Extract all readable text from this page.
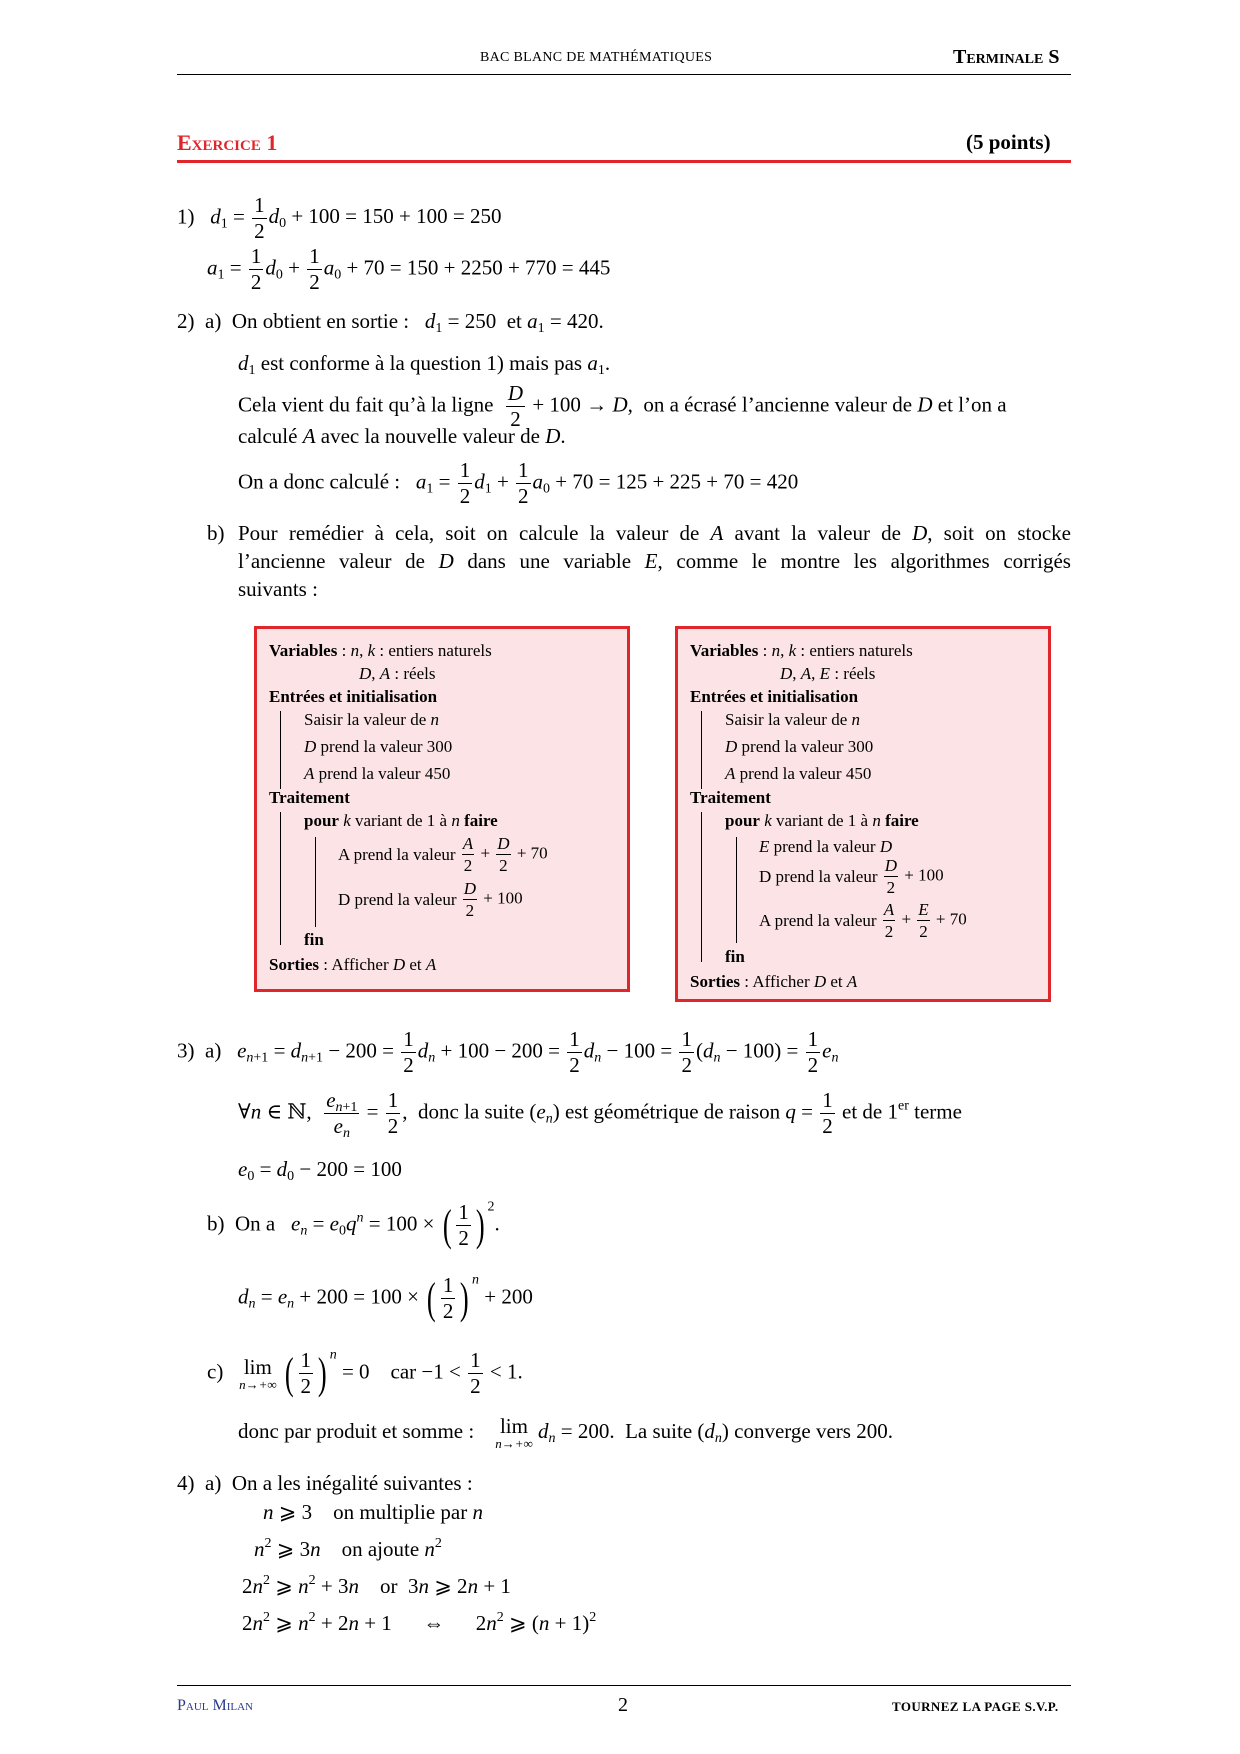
BAC BLANC DE MATHÉMATIQUES	Terminale S
Exercice 1	(5 points)
1) $d_1 = \frac{1}{2} d_0 + 100 = 150 + 100 = 250$
$a_1 = \frac{1}{2} d_0 + \frac{1}{2} a_0 + 70 = 150 + 2250 + 770 = 445$
2) a) On obtient en sortie : $d_1 = 250$  et $a_1 = 420$.
$d_1$ est conforme à la question 1) mais pas $a_1$.
Cela vient du fait qu’à la ligne $\frac{D}{2} + 100 \to D$,  on a écrasé l’ancienne valeur de D et l’on a
calculé A avec la nouvelle valeur de D.
On a donc calculé : $a_1 = \frac{1}{2} d_1 + \frac{1}{2} a_0 + 70 = 125 + 225 + 70 = 420$
b) Pour remédier à cela, soit on calcule la valeur de A avant la valeur de D, soit on stocke
l’ancienne valeur de D dans une variable E, comme le montre les algorithmes corrigés
suivants :
Variables : n, k : entiers naturels
D, A : réels
Entrées et initialisation
Saisir la valeur de n
D prend la valeur 300
A prend la valeur 450
Traitement
pour k variant de 1 à n faire
A prend la valeur $\frac{A}{2} + \frac{D}{2} + 70$
D prend la valeur $\frac{D}{2} + 100$
fin
Sorties : Afficher D et A
Variables : n, k : entiers naturels
D, A, E : réels
Entrées et initialisation
Saisir la valeur de n
D prend la valeur 300
A prend la valeur 450
Traitement
pour k variant de 1 à n faire
E prend la valeur D
D prend la valeur $\frac{D}{2} + 100$
A prend la valeur $\frac{A}{2} + \frac{E}{2} + 70$
fin
Sorties : Afficher D et A
3) a) $e_{n+1} = d_{n+1} - 200 = \frac{1}{2} d_n + 100 - 200 = \frac{1}{2} d_n - 100 = \frac{1}{2} (d_n - 100) = \frac{1}{2} e_n$
∀n ∈ ℕ, $\frac{e_{n+1}}{e_n} = \frac{1}{2}$ ,  donc la suite $(e_n)$ est géométrique de raison $q = \frac{1}{2}$ et de 1er terme
$e_0 = d_0 - 200 = 100$
b) On a $e_n = e_0q^n = 100$ × ( $\frac{1}{2}$ ) $^2$.
$d_n = e_n + 200 = 100$ × ( $\frac{1}{2}$ ) $^n$ + 200
c) lim
n→+∞ ( $\frac{1}{2}$ ) $^n$ = 0    car $-1 < \frac{1}{2} < 1$.
donc par produit et somme : lim
n→+∞
$d_n = 200$.  La suite $(d_n)$ converge vers 200.
4) a) On a les inégalité suivantes :
n ⩾ 3    on multiplie par n
$n^2$ ⩾ 3n    on ajoute $n^2$
$2n^2$ ⩾ $n^2 + 3n$    or  3n ⩾ 2n + 1
$2n^2$ ⩾ $n^2 + 2n + 1$      ⇔      $2n^2$ ⩾ $(n + 1)^2$
Paul Milan	2	TOURNEZ LA PAGE S.V.P.
